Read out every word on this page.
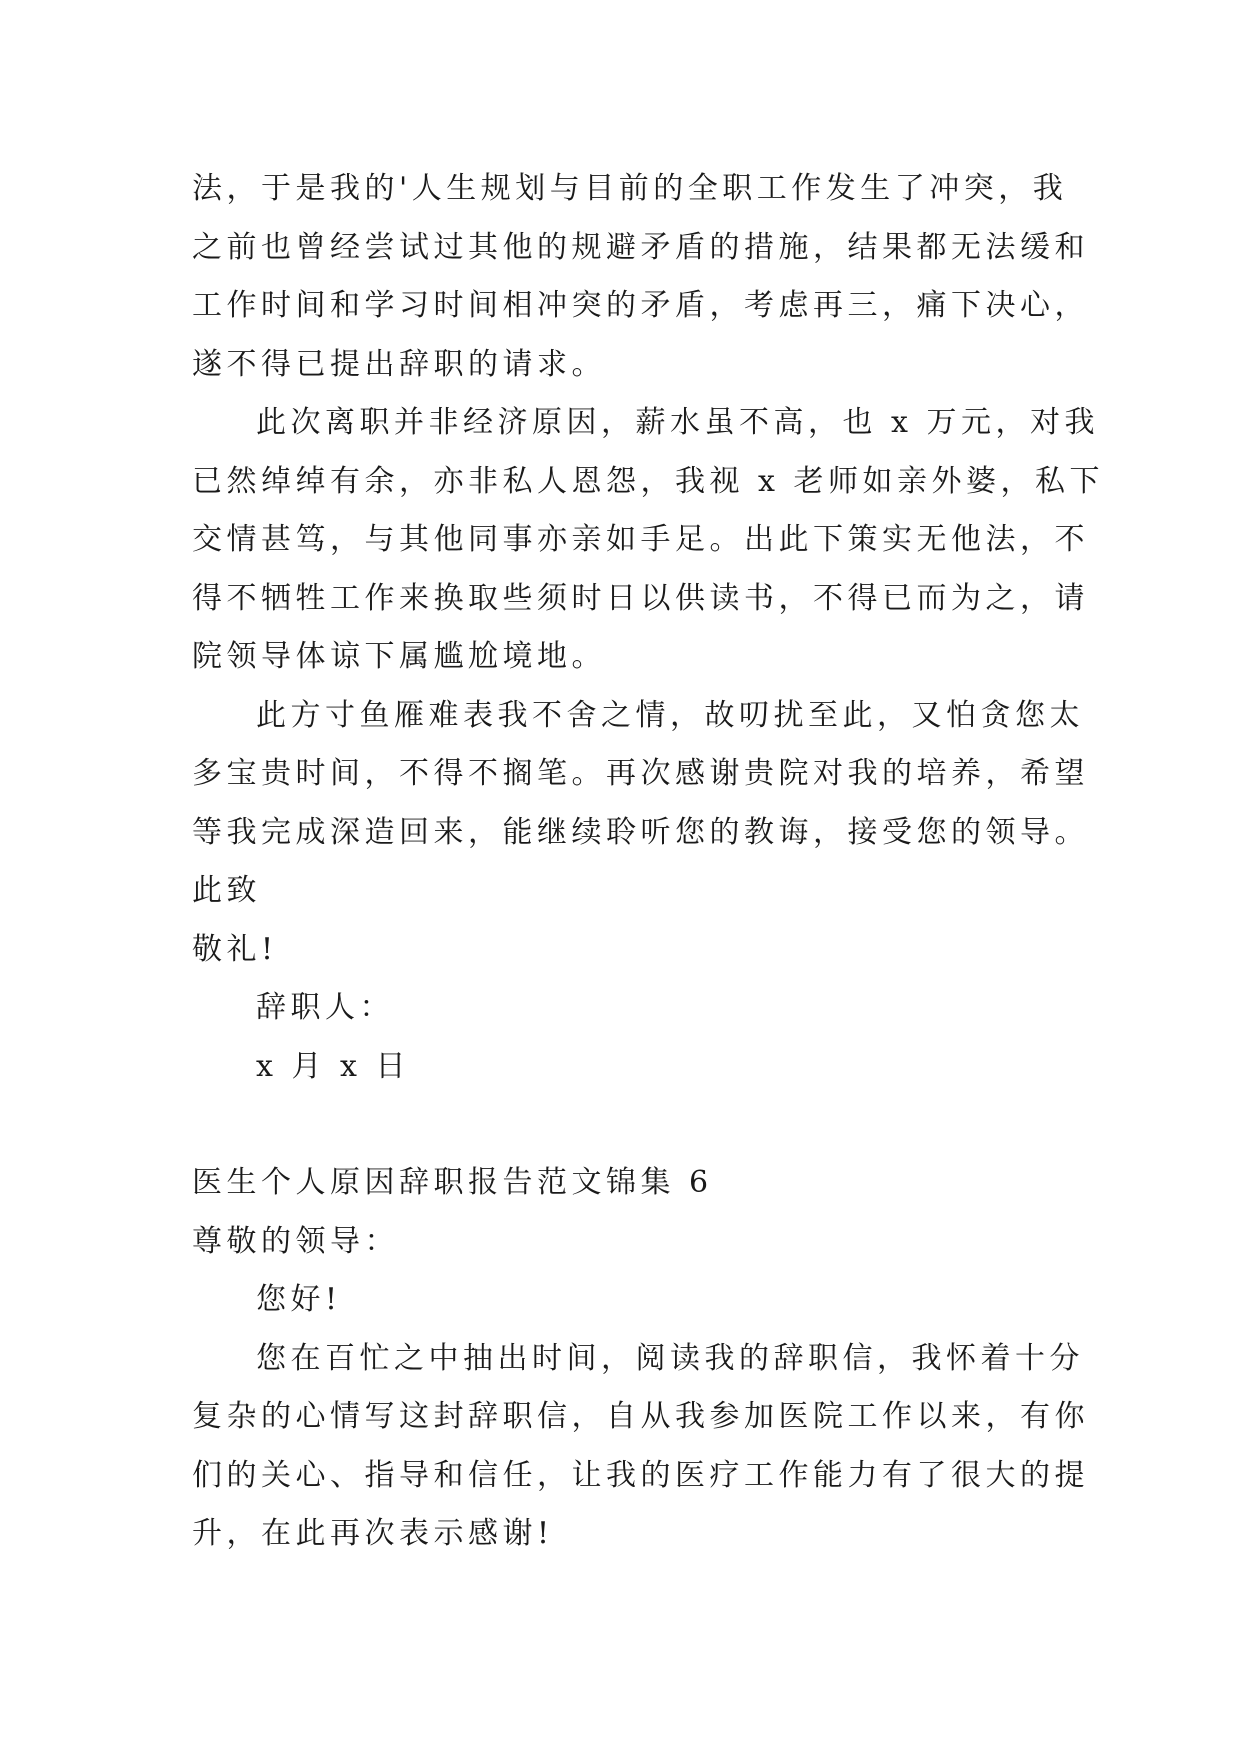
法，于是我的'人生规划与目前的全职工作发生了冲突，我
之前也曾经尝试过其他的规避矛盾的措施，结果都无法缓和
工作时间和学习时间相冲突的矛盾，考虑再三，痛下决心，
遂不得已提出辞职的请求。
此次离职并非经济原因，薪水虽不高，也 x 万元，对我
已然绰绰有余，亦非私人恩怨，我视 x 老师如亲外婆，私下
交情甚笃，与其他同事亦亲如手足。出此下策实无他法，不
得不牺牲工作来换取些须时日以供读书，不得已而为之，请
院领导体谅下属尴尬境地。
此方寸鱼雁难表我不舍之情，故叨扰至此，又怕贪您太
多宝贵时间，不得不搁笔。再次感谢贵院对我的培养，希望
等我完成深造回来，能继续聆听您的教诲，接受您的领导。
此致
敬礼!
辞职人：
x 月 x 日
医生个人原因辞职报告范文锦集 6
尊敬的领导：
您好!
您在百忙之中抽出时间，阅读我的辞职信，我怀着十分
复杂的心情写这封辞职信，自从我参加医院工作以来，有你
们的关心、指导和信任，让我的医疗工作能力有了很大的提
升，在此再次表示感谢!
